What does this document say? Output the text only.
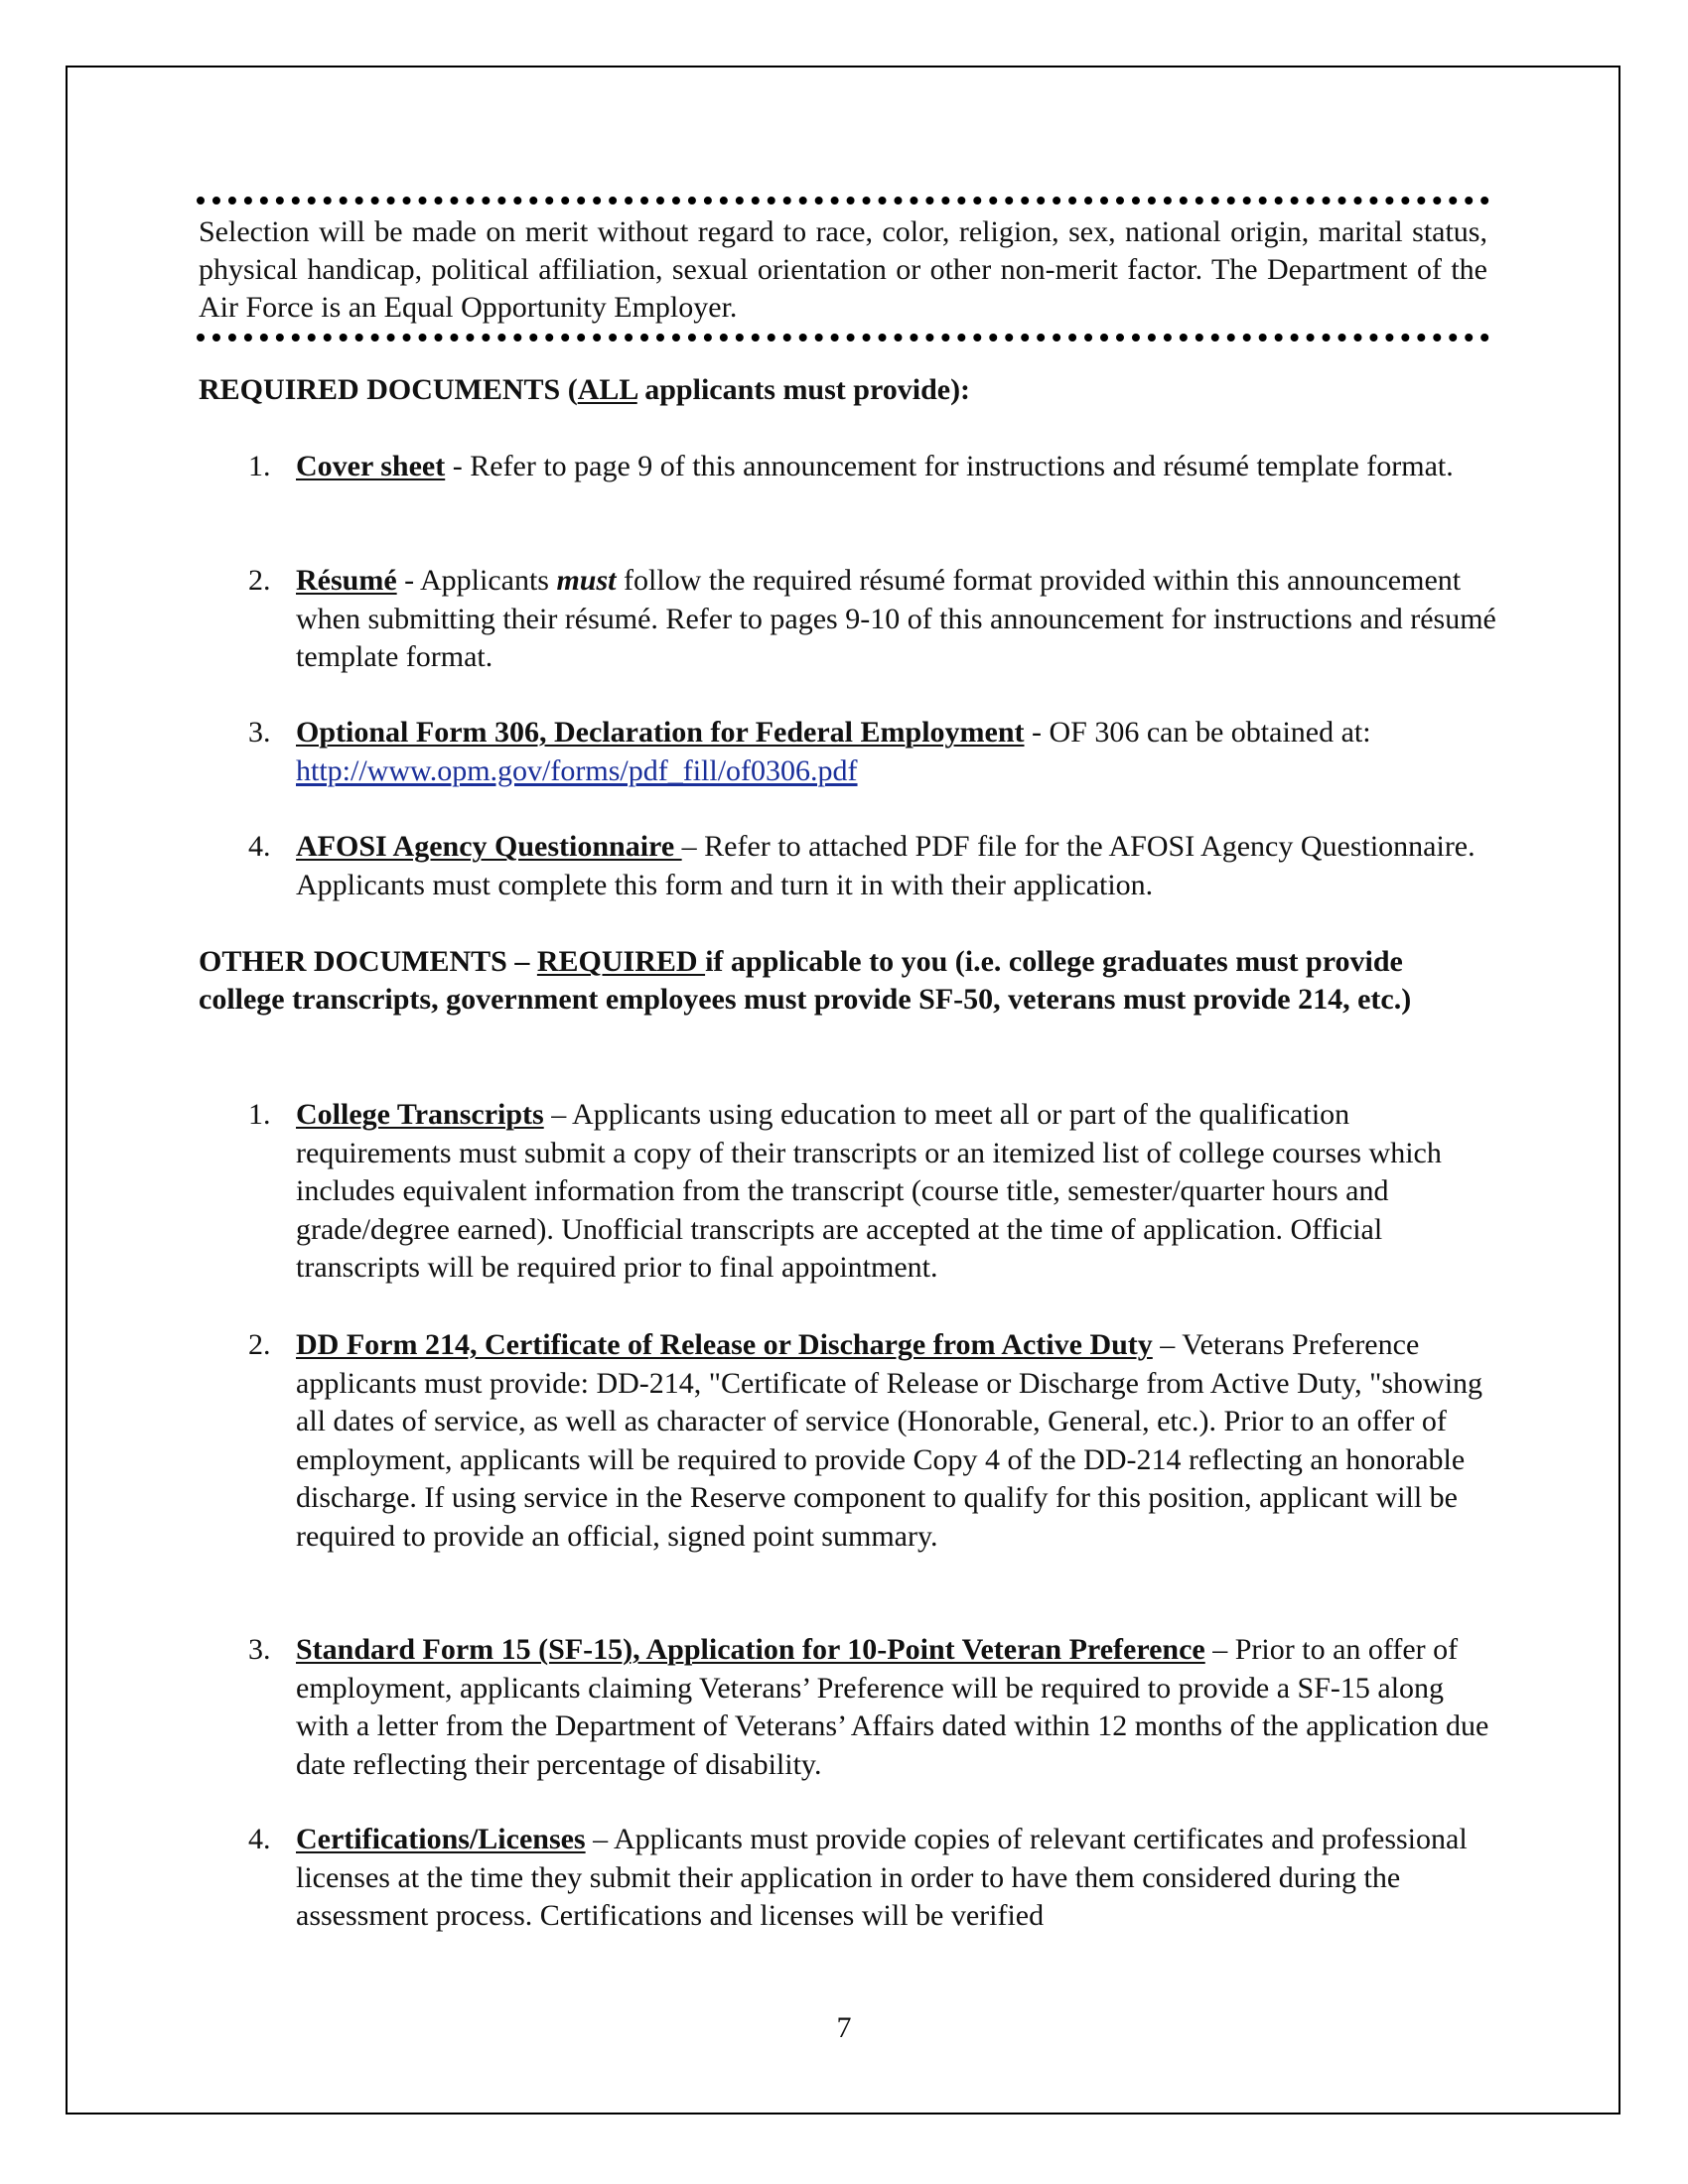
Selection will be made on merit without regard to race, color, religion, sex, national origin, marital status, physical handicap, political affiliation, sexual orientation or other non-merit factor. The Department of the Air Force is an Equal Opportunity Employer.
REQUIRED DOCUMENTS (ALL applicants must provide):
1. Cover sheet - Refer to page 9 of this announcement for instructions and résumé template format.
2. Résumé - Applicants must follow the required résumé format provided within this announcement when submitting their résumé. Refer to pages 9-10 of this announcement for instructions and résumé template format.
3. Optional Form 306, Declaration for Federal Employment - OF 306 can be obtained at: http://www.opm.gov/forms/pdf_fill/of0306.pdf
4. AFOSI Agency Questionnaire – Refer to attached PDF file for the AFOSI Agency Questionnaire. Applicants must complete this form and turn it in with their application.
OTHER DOCUMENTS – REQUIRED if applicable to you (i.e. college graduates must provide college transcripts, government employees must provide SF-50, veterans must provide 214, etc.)
1. College Transcripts – Applicants using education to meet all or part of the qualification requirements must submit a copy of their transcripts or an itemized list of college courses which includes equivalent information from the transcript (course title, semester/quarter hours and grade/degree earned). Unofficial transcripts are accepted at the time of application. Official transcripts will be required prior to final appointment.
2. DD Form 214, Certificate of Release or Discharge from Active Duty – Veterans Preference applicants must provide: DD-214, "Certificate of Release or Discharge from Active Duty, "showing all dates of service, as well as character of service (Honorable, General, etc.). Prior to an offer of employment, applicants will be required to provide Copy 4 of the DD-214 reflecting an honorable discharge. If using service in the Reserve component to qualify for this position, applicant will be required to provide an official, signed point summary.
3. Standard Form 15 (SF-15), Application for 10-Point Veteran Preference – Prior to an offer of employment, applicants claiming Veterans’ Preference will be required to provide a SF-15 along with a letter from the Department of Veterans’ Affairs dated within 12 months of the application due date reflecting their percentage of disability.
4. Certifications/Licenses – Applicants must provide copies of relevant certificates and professional licenses at the time they submit their application in order to have them considered during the assessment process. Certifications and licenses will be verified
7
